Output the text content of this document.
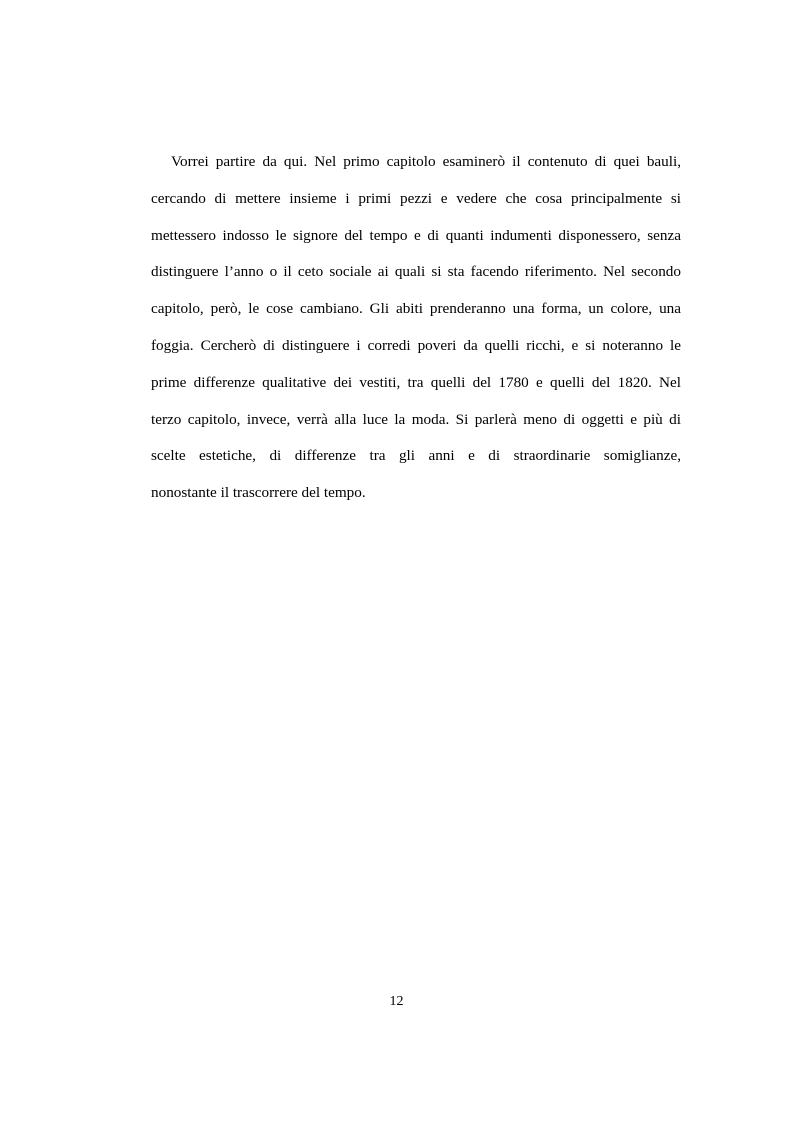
Vorrei partire da qui. Nel primo capitolo esaminerò il contenuto di quei bauli,
cercando di mettere insieme i primi pezzi e vedere che cosa principalmente si
mettessero indosso le signore del tempo e di quanti indumenti disponessero, senza
distinguere l’anno o il ceto sociale ai quali si sta facendo riferimento. Nel secondo
capitolo, però, le cose cambiano. Gli abiti prenderanno una forma, un colore, una
foggia. Cercherò di distinguere i corredi poveri da quelli ricchi, e si noteranno le
prime differenze qualitative dei vestiti, tra quelli del 1780 e quelli del 1820. Nel
terzo capitolo, invece, verrà alla luce la moda. Si parlerà meno di oggetti e più di
scelte estetiche, di differenze tra gli anni e di straordinarie somiglianze,
nonostante il trascorrere del tempo.
12
